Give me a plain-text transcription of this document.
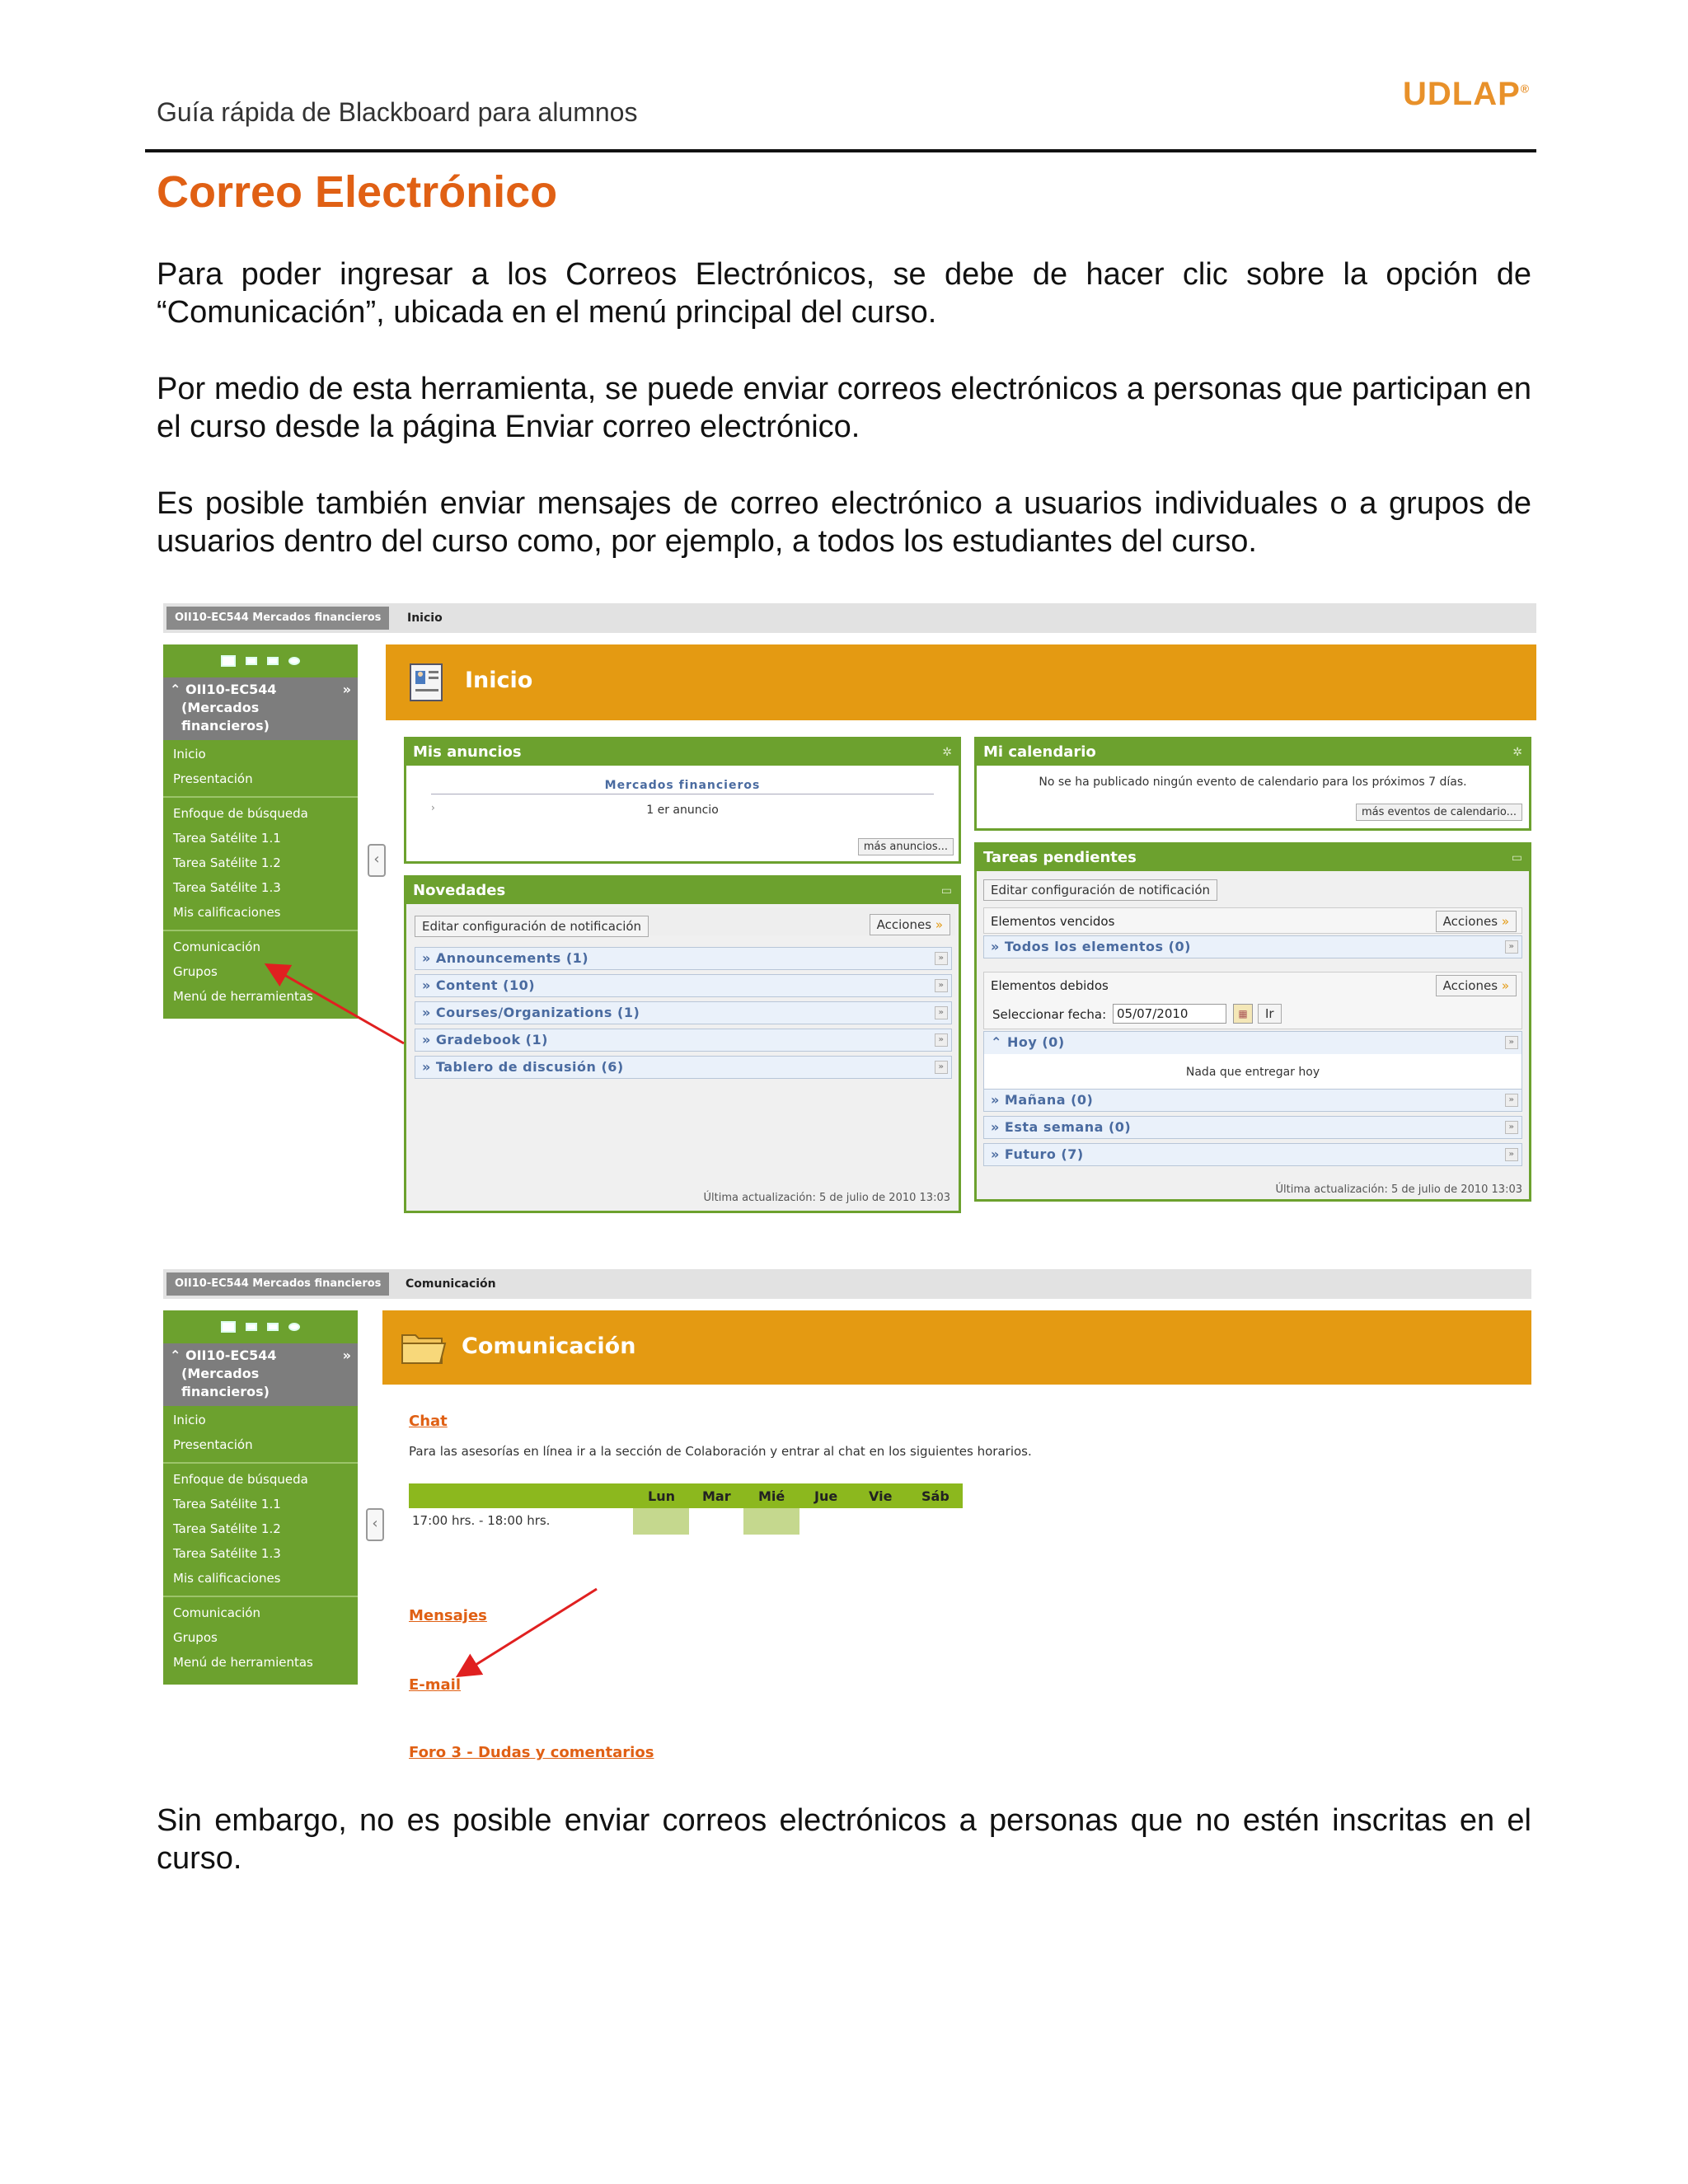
Guía rápida de Blackboard para alumnos	UDLAP®
Correo Electrónico
Para poder ingresar a los Correos Electrónicos, se debe de hacer clic sobre la opción de “Comunicación”, ubicada en el menú principal del curso.
Por medio de esta herramienta, se puede enviar correos electrónicos a personas que participan en el curso desde la página Enviar correo electrónico.
Es posible también enviar mensajes de correo electrónico a usuarios individuales o a grupos de usuarios dentro del curso como, por ejemplo, a todos los estudiantes del curso.
OII10-EC544 Mercados financieros	Inicio
⌃ OII10-EC544
(Mercados financieros)
»
Inicio
Presentación
Enfoque de búsqueda
Tarea Satélite 1.1
Tarea Satélite 1.2
Tarea Satélite 1.3
Mis calificaciones
Comunicación
Grupos
Menú de herramientas
‹
Inicio
Mis anuncios	✲
Mercados financieros
›	1 er anuncio
más anuncios...
Novedades	▭
Editar configuración de notificación	Acciones »
» Announcements (1)	»
» Content (10)	»
» Courses/Organizations (1)	»
» Gradebook (1)	»
» Tablero de discusión (6)	»
Última actualización: 5 de julio de 2010 13:03
Mi calendario	✲
No se ha publicado ningún evento de calendario para los próximos 7 días.
más eventos de calendario...
Tareas pendientes	▭
Editar configuración de notificación
Elementos vencidos	Acciones »
» Todos los elementos (0)	»
Elementos debidos	Acciones »
Seleccionar fecha: 05/07/2010	▦	Ir
⌃ Hoy (0)	»
Nada que entregar hoy
» Mañana (0)	»
» Esta semana (0)	»
» Futuro (7)	»
Última actualización: 5 de julio de 2010 13:03
OII10-EC544 Mercados financieros	Comunicación
⌃ OII10-EC544
(Mercados financieros)
»
Inicio
Presentación
Enfoque de búsqueda
Tarea Satélite 1.1
Tarea Satélite 1.2
Tarea Satélite 1.3
Mis calificaciones
Comunicación
Grupos
Menú de herramientas
‹
Comunicación
Chat
Para las asesorías en línea ir a la sección de Colaboración y entrar al chat en los siguientes horarios.
Lun Mar Mié Jue Vie Sáb
17:00 hrs. - 18:00 hrs.
Mensajes
E-mail
Foro 3 - Dudas y comentarios
Sin embargo, no es posible enviar correos electrónicos a personas que no estén inscritas en el curso.
